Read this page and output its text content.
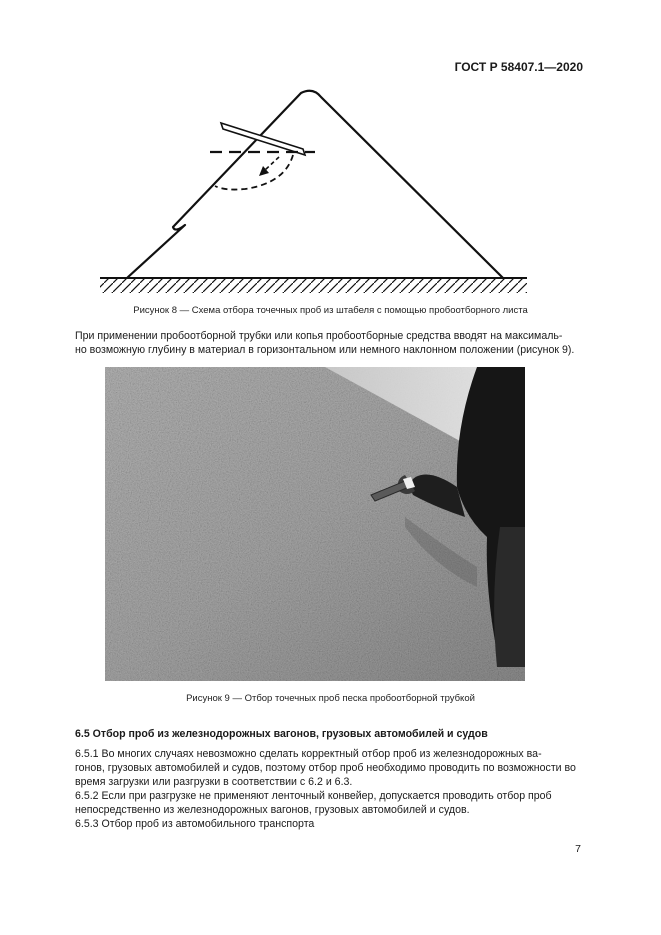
ГОСТ Р 58407.1—2020
Рисунок 8 — Схема отбора точечных проб из штабеля с помощью пробоотборного листа
При применении пробоотборной трубки или копья пробоотборные средства вводят на максималь-
но возможную глубину в материал в горизонтальном или немного наклонном положении (рисунок 9).
Рисунок 9 — Отбор точечных проб песка пробоотборной трубкой
6.5 Отбор проб из железнодорожных вагонов, грузовых автомобилей и судов

6.5.1 Во многих случаях невозможно сделать корректный отбор проб из железнодорожных ва-

гонов, грузовых автомобилей и судов, поэтому отбор проб необходимо проводить по возможности во

время загрузки или разгрузки в соответствии с 6.2 и 6.3.

6.5.2 Если при разгрузке не применяют ленточный конвейер, допускается проводить отбор проб

непосредственно из железнодорожных вагонов, грузовых автомобилей и судов.

6.5.3 Отбор проб из автомобильного транспорта

7
